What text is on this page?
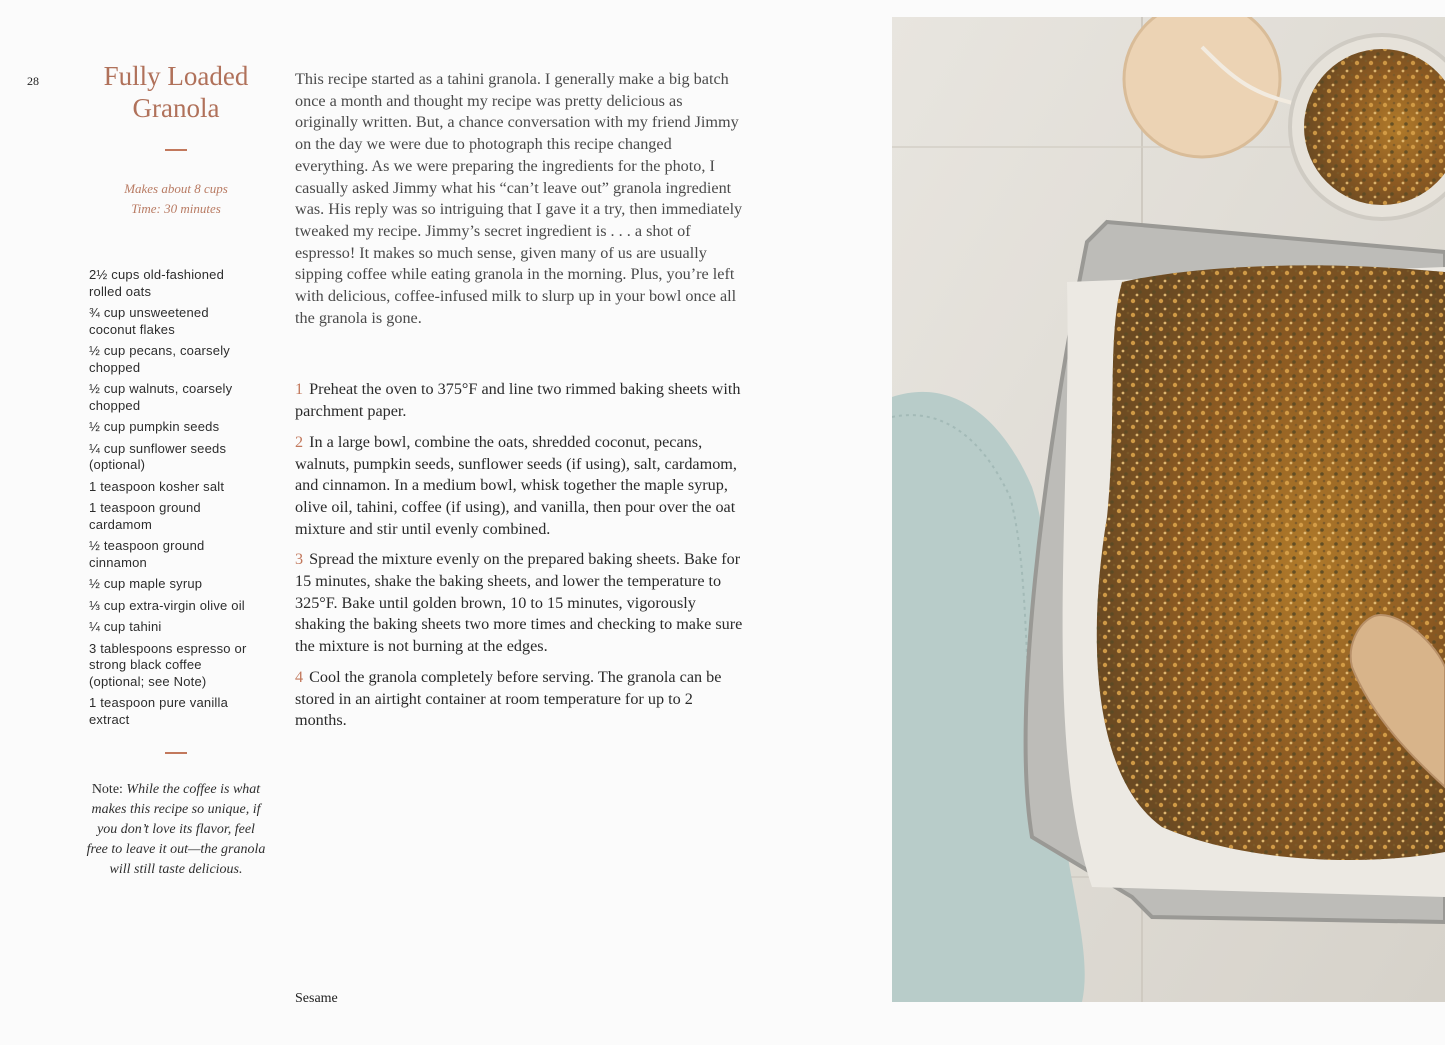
28	Fully Loaded Granola
Makes about 8 cups
Time: 30 minutes
2½ cups old-fashioned rolled oats
¾ cup unsweetened coconut flakes
½ cup pecans, coarsely chopped
½ cup walnuts, coarsely chopped
½ cup pumpkin seeds
¼ cup sunflower seeds (optional)
1 teaspoon kosher salt
1 teaspoon ground cardamom
½ teaspoon ground cinnamon
½ cup maple syrup
⅓ cup extra-virgin olive oil
¼ cup tahini
3 tablespoons espresso or strong black coffee (optional; see Note)
1 teaspoon pure vanilla extract
Note: While the coffee is what makes this recipe so unique, if you don’t love its flavor, feel free to leave it out—the granola will still taste delicious.

This recipe started as a tahini granola. I generally make a big batch once a month and thought my recipe was pretty delicious as originally written. But, a chance conversation with my friend Jimmy on the day we were due to photograph this recipe changed everything. As we were preparing the ingredients for the photo, I casually asked Jimmy what his “can’t leave out” granola ingredient was. His reply was so intriguing that I gave it a try, then immediately tweaked my recipe. Jimmy’s secret ingredient is . . . a shot of espresso! It makes so much sense, given many of us are usually sipping coffee while eating granola in the morning. Plus, you’re left with delicious, coffee-infused milk to slurp up in your bowl once all the granola is gone.

1 Preheat the oven to 375°F and line two rimmed baking sheets with parchment paper.
2 In a large bowl, combine the oats, shredded coconut, pecans, walnuts, pumpkin seeds, sunflower seeds (if using), salt, cardamom, and cinnamon. In a medium bowl, whisk together the maple syrup, olive oil, tahini, coffee (if using), and vanilla, then pour over the oat mixture and stir until evenly combined.
3 Spread the mixture evenly on the prepared baking sheets. Bake for 15 minutes, shake the baking sheets, and lower the temperature to 325°F. Bake until golden brown, 10 to 15 minutes, vigorously shaking the baking sheets two more times and checking to make sure the mixture is not burning at the edges.
4 Cool the granola completely before serving. The granola can be stored in an airtight container at room temperature for up to 2 months.
Sesame
